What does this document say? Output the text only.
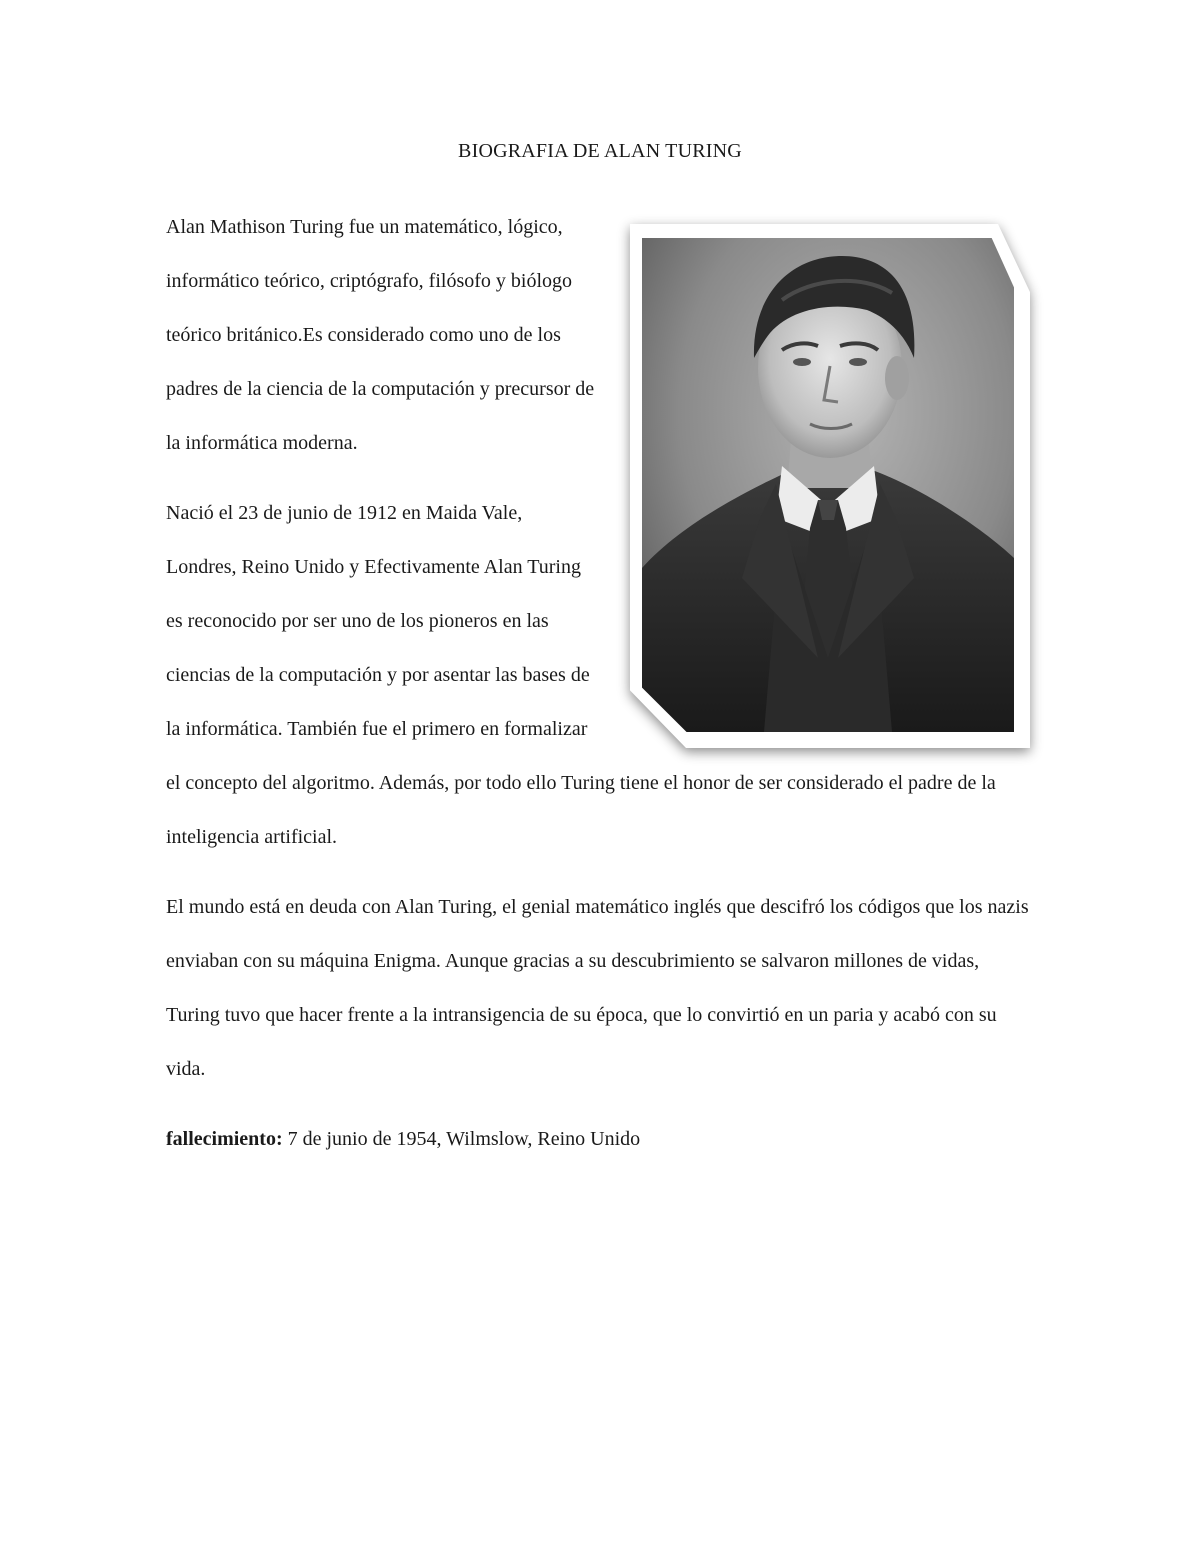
BIOGRAFIA DE ALAN TURING

Alan Mathison Turing fue un matemático, lógico, informático teórico, criptógrafo, filósofo y biólogo teórico británico.Es considerado como uno de los padres de la ciencia de la computación y precursor de la informática moderna.

Nació el 23 de junio de 1912 en Maida Vale, Londres, Reino Unido y Efectivamente Alan Turing es reconocido por ser uno de los pioneros en las ciencias de la computación y por asentar las bases de la informática. También fue el primero en formalizar el concepto del algoritmo. Además, por todo ello Turing tiene el honor de ser considerado el padre de la inteligencia artificial.

El mundo está en deuda con Alan Turing, el genial matemático inglés que descifró los códigos que los nazis enviaban con su máquina Enigma. Aunque gracias a su descubrimiento se salvaron millones de vidas, Turing tuvo que hacer frente a la intransigencia de su época, que lo convirtió en un paria y acabó con su vida.

fallecimiento: 7 de junio de 1954, Wilmslow, Reino Unido
